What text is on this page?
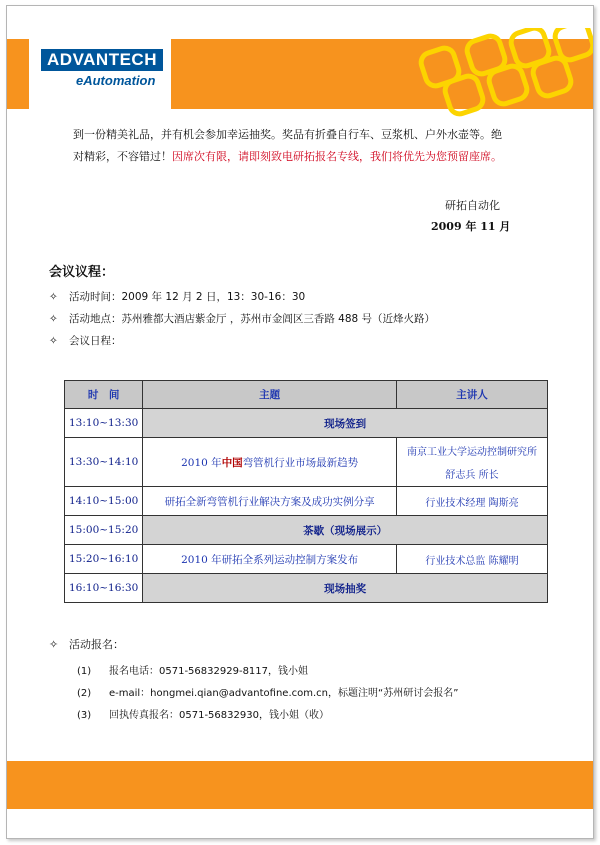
ADVANTECH
eAutomation
到一份精美礼品，并有机会参加幸运抽奖。奖品有折叠自行车、豆浆机、户外水壶等。绝
对精彩，不容错过！因席次有限，请即刻致电研拓报名专线，我们将优先为您预留座席。
研拓自动化
2009 年 11 月
会议议程：
✧ 活动时间：2009 年 12 月 2 日，13：30-16：30
✧ 活动地点：苏州雅都大酒店紫金厅 ，苏州市金阊区三香路 488 号（近烽火路）
✧ 会议日程：
时　间	主题	主讲人
13:10~13:30	现场签到	
13:30~14:10	2010 年中国弯管机行业市场最新趋势	南京工业大学运动控制研究所
舒志兵 所长

14:10~15:00	研拓全新弯管机行业解决方案及成功实例分享	行业技术经理 陶斯亮
15:00~15:20	茶歇（现场展示）	
15:20~16:10	2010 年研拓全系列运动控制方案发布	行业技术总监 陈耀明
16:10~16:30	现场抽奖	
✧ 活动报名：
(1) 报名电话：0571-56832929-8117，钱小姐
(2) e-mail：hongmei.qian@advantofine.com.cn，标题注明“苏州研讨会报名”
(3) 回执传真报名：0571-56832930，钱小姐（收）
